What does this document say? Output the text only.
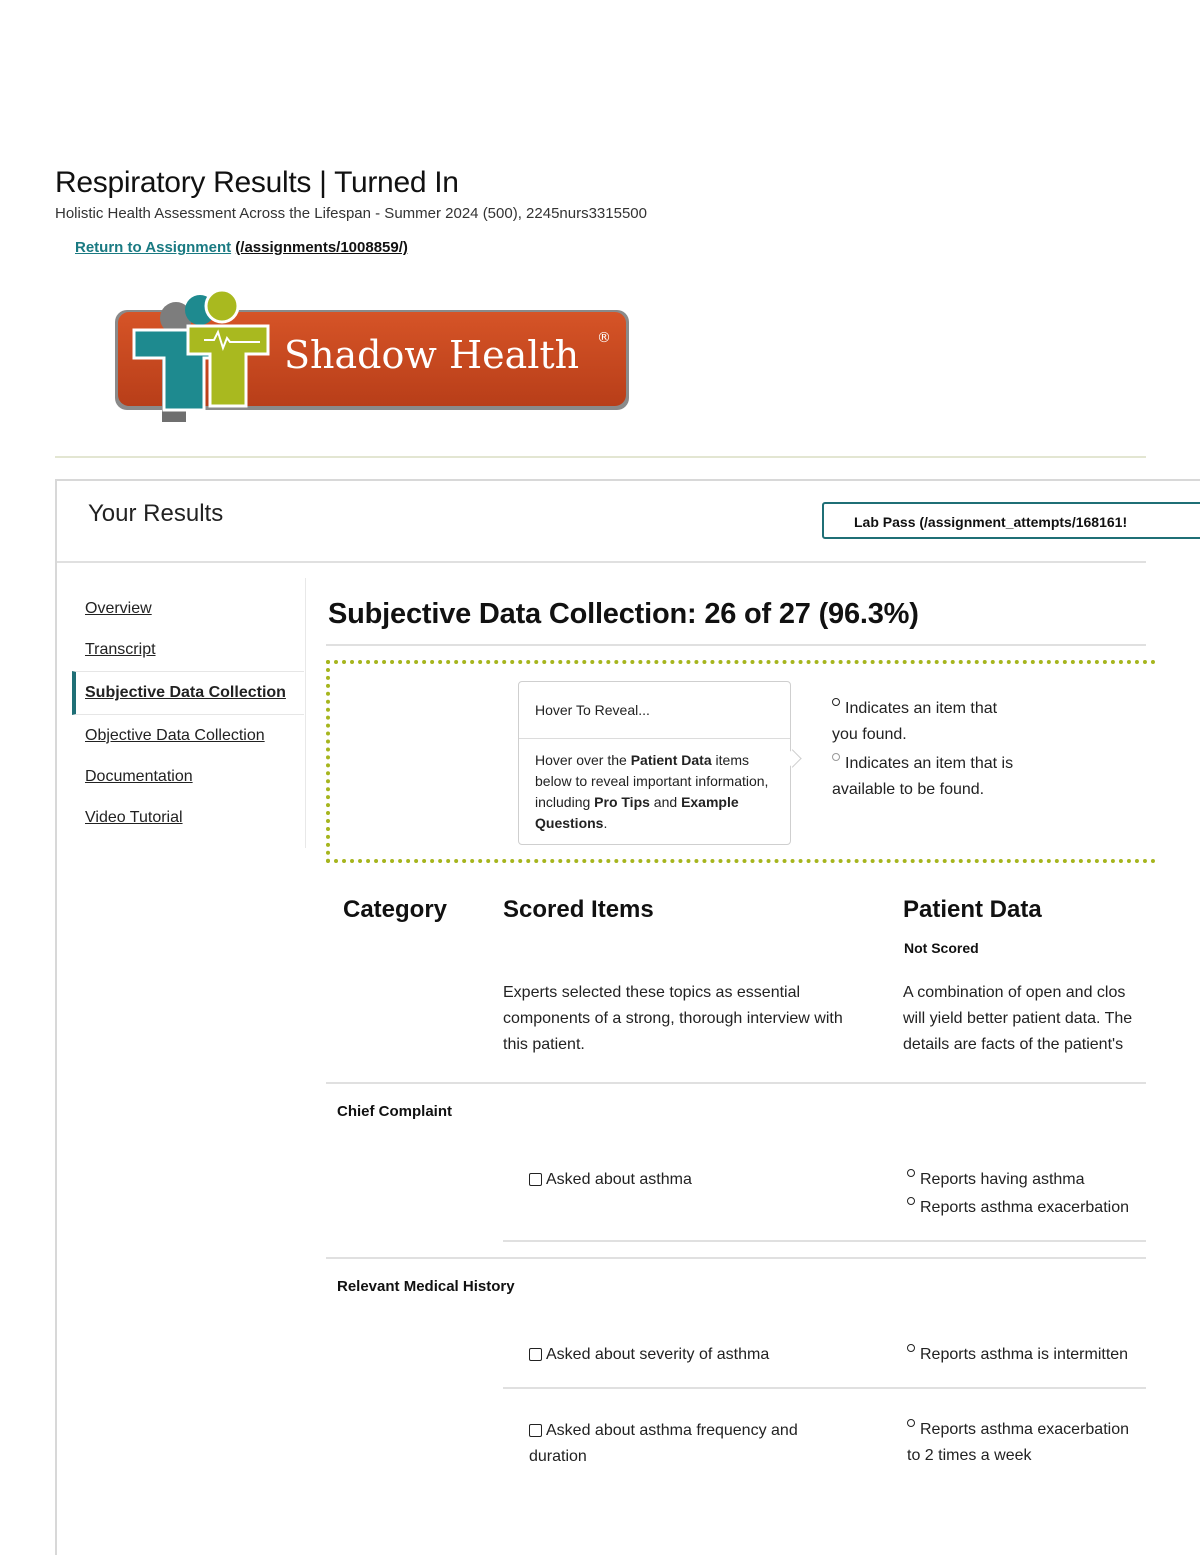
Respiratory Results | Turned In
Holistic Health Assessment Across the Lifespan - Summer 2024 (500), 2245nurs3315500
Return to Assignment (/assignments/1008859/)
Shadow Health ®
Your Results	Lab Pass (/assignment_attempts/168161!
Overview
Transcript
Subjective Data Collection
Objective Data Collection
Documentation
Video Tutorial
Subjective Data Collection: 26 of 27 (96.3%)
Hover To Reveal...
Hover over the Patient Data items below to reveal important information, including Pro Tips and Example Questions.
Indicates an item that you found.
Indicates an item that is available to be found.
Category Scored Items	Patient Data
Not Scored
Experts selected these topics as essential components of a strong, thorough interview with this patient.
A combination of open and clos
will yield better patient data. The
details are facts of the patient's
Chief Complaint
Asked about asthma	Reports having asthma
Reports asthma exacerbation
Relevant Medical History
Asked about severity of asthma	Reports asthma is intermitten
Asked about asthma frequency and duration
Reports asthma exacerbation
to 2 times a week
